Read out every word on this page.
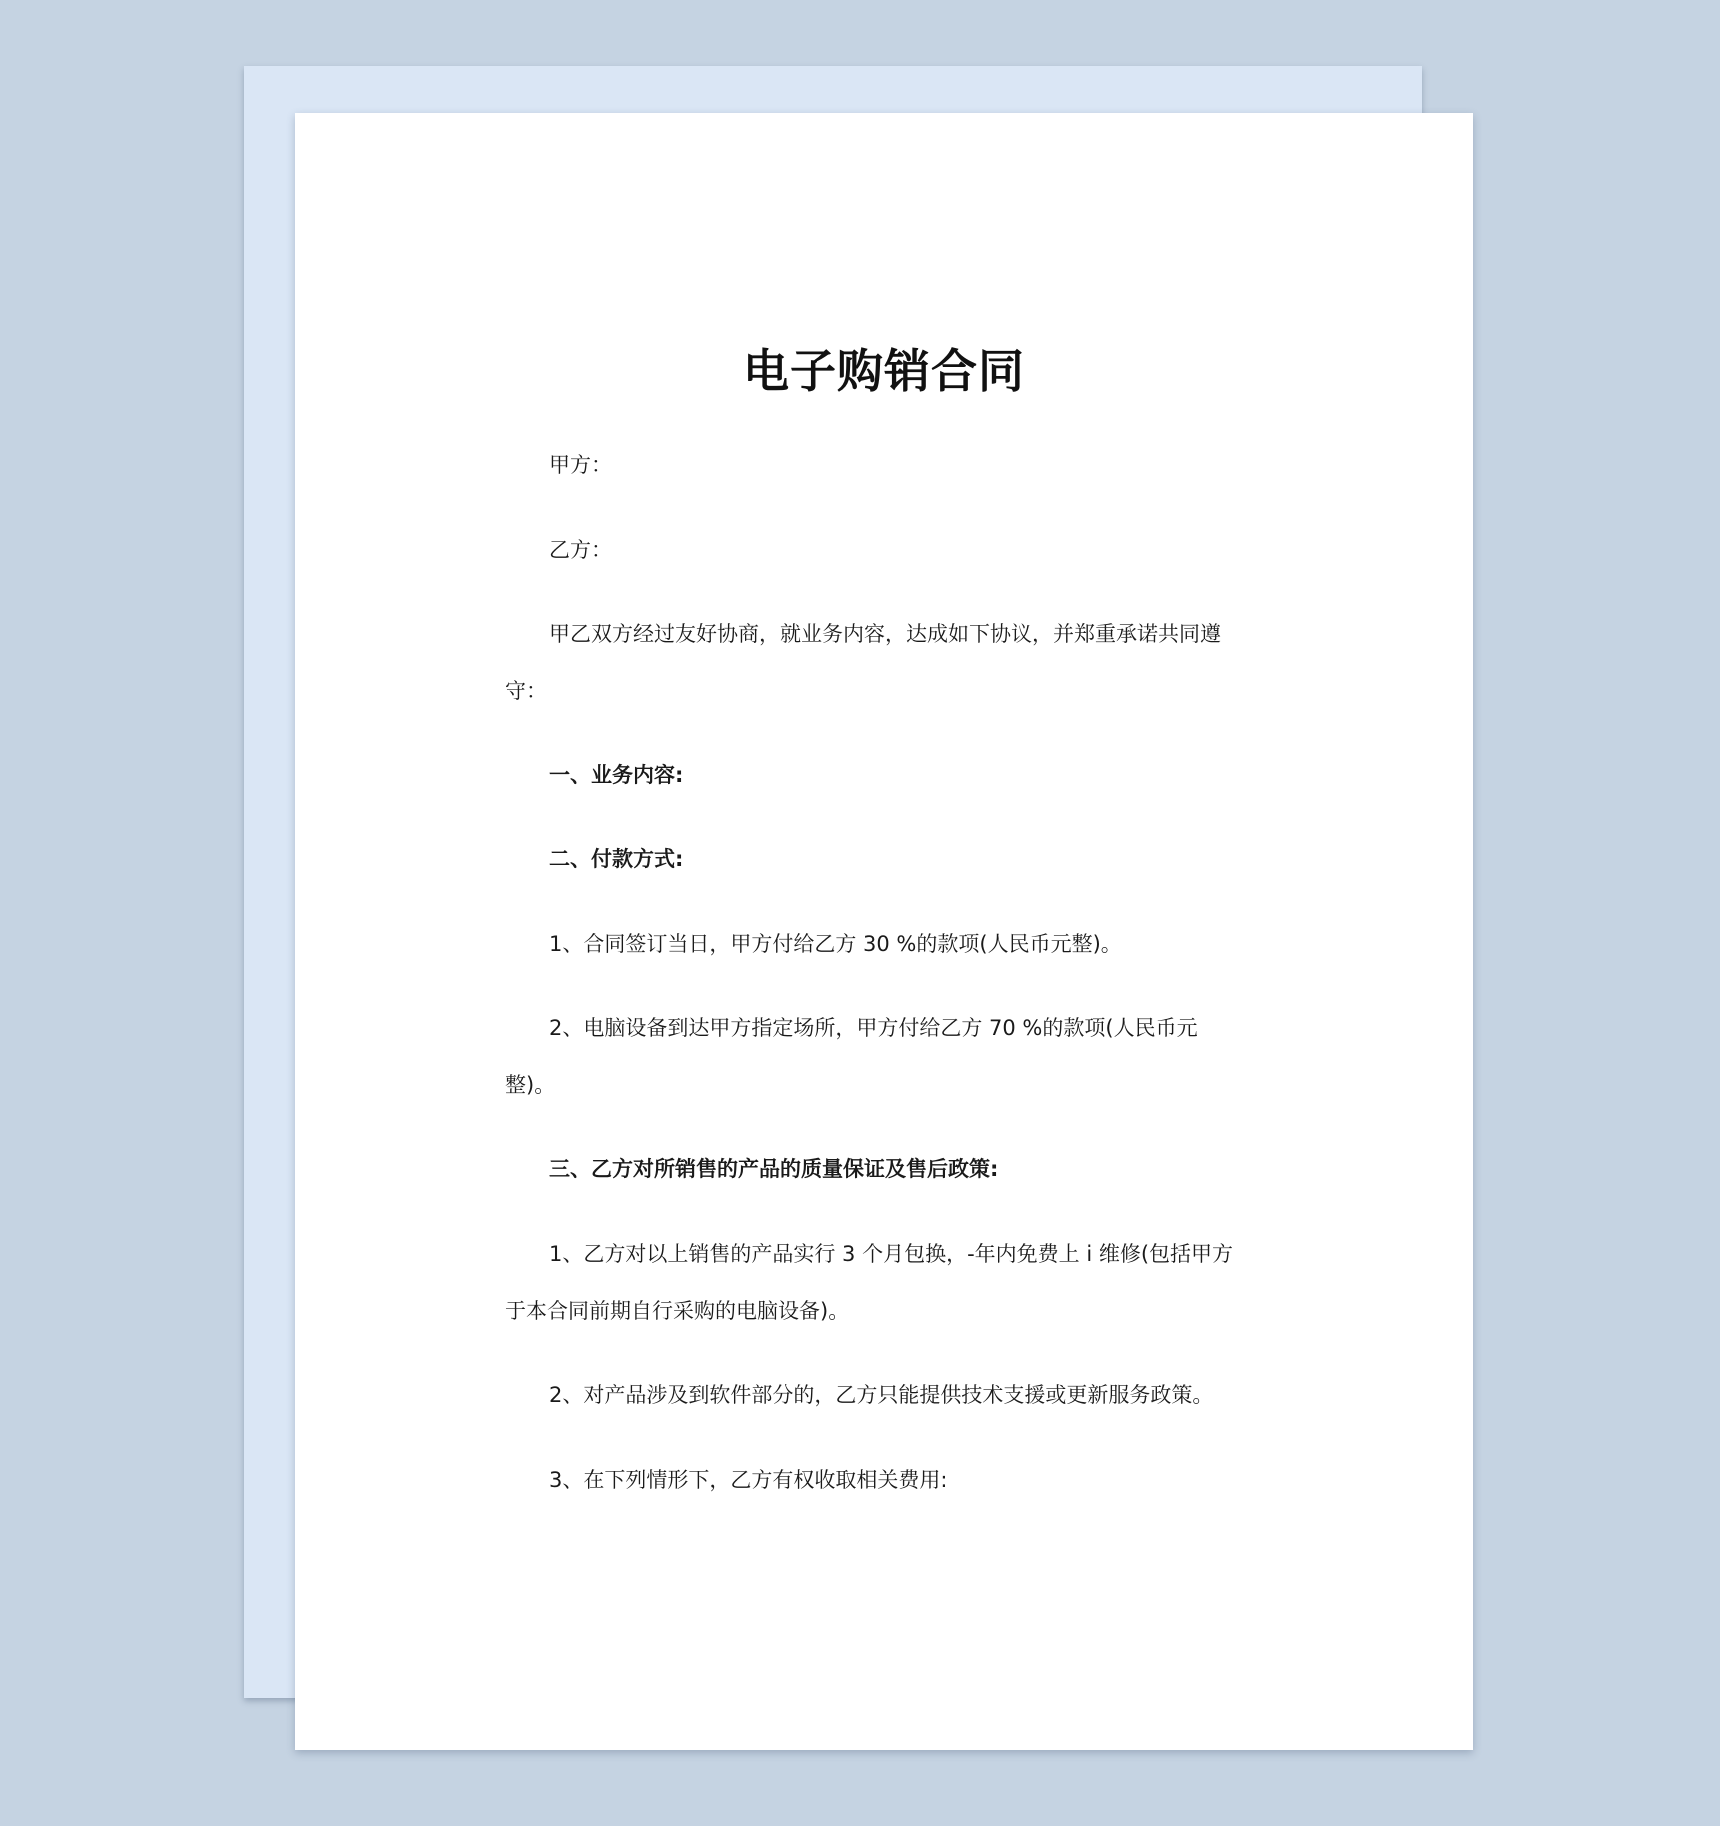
电子购销合同

甲方：

乙方：

甲乙双方经过友好协商，就业务内容，达成如下协议，并郑重承诺共同遵

守：

一、业务内容:

二、付款方式:

1、合同签订当日，甲方付给乙方 30 %的款项(人民币元整)。

2、电脑设备到达甲方指定场所，甲方付给乙方 70 %的款项(人民币元

整)。

三、乙方对所销售的产品的质量保证及售后政策:

1、乙方对以上销售的产品实行 3 个月包换，-年内免费上 i 维修(包括甲方

于本合同前期自行采购的电脑设备)。

2、对产品涉及到软件部分的，乙方只能提供技术支援或更新服务政策。

3、在下列情形下，乙方有权收取相关费用:
